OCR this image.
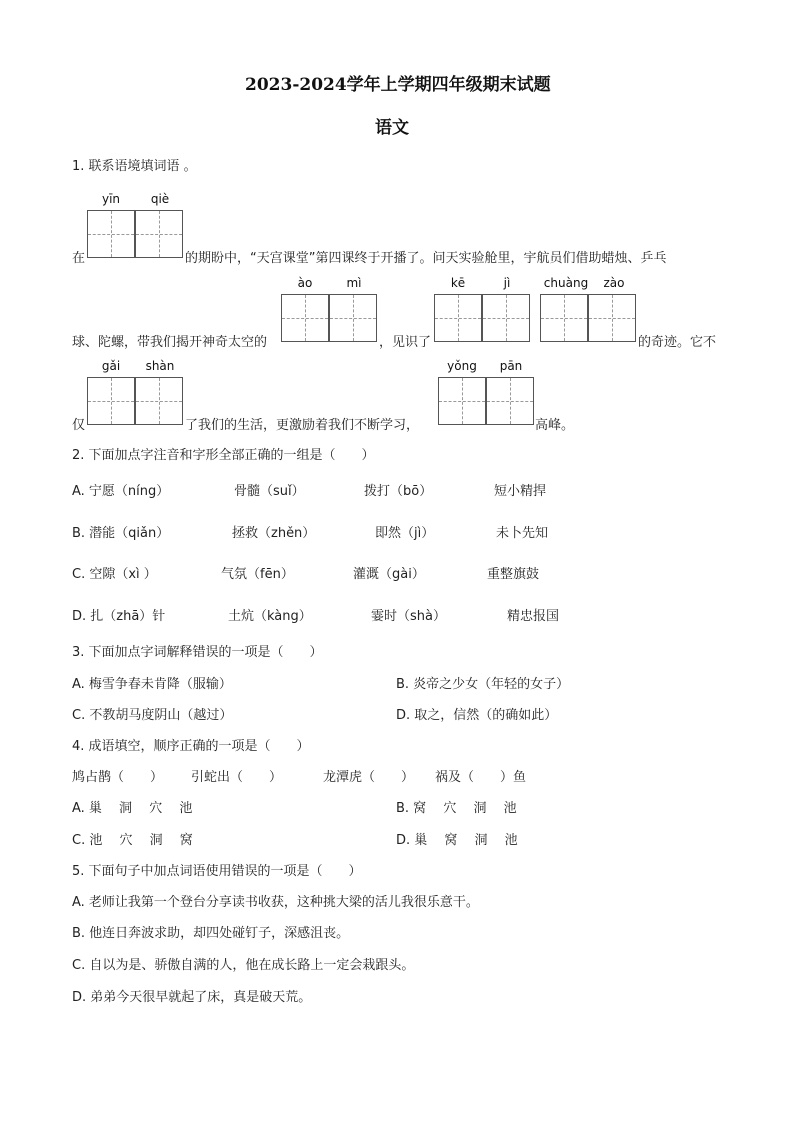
2023-2024学年上学期四年级期末试题
语文
1. 联系语境填词语 。
yīn	qiè
在	的期盼中，“天宫课堂”第四课终于开播了。问天实验舱里，宇航员们借助蜡烛、乒乓
ào	mì	kē	jì	chuàng	zào
球、陀螺，带我们揭开神奇太空的	，见识了	的奇迹。它不
gǎi	shàn	yǒng	pān
仅	了我们的生活，更激励着我们不断学习，	高峰。
2. 下面加点字注音和字形全部正确的一组是（　　）
A. 宁愿（níng）	骨髓（suǐ）	拨打（bō）	短小精捍
B. 潜能（qiǎn）	拯救（zhěn）	即然（jì）	未卜先知
C. 空隙（xì ）	气氛（fēn）	灌溉（gài）	重整旗鼓
D. 扎（zhā）针	土炕（kàng）	霎时（shà）	精忠报国
3. 下面加点字词解释错误的一项是（　　）
A. 梅雪争春未肯降（服输）	B. 炎帝之少女（年轻的女子）
C. 不教胡马度阴山（越过）	D. 取之，信然（的确如此）
4. 成语填空，顺序正确的一项是（　　）
鸠占鹊（　　） 引蛇出（　　）	龙潭虎（　　） 祸及（　　）鱼
A. 巢　 洞　 穴　 池	B. 窝　 穴　 洞　 池
C. 池　 穴　 洞　 窝	D. 巢　 窝　 洞　 池
5. 下面句子中加点词语使用错误的一项是（　　）
A. 老师让我第一个登台分享读书收获，这种挑大梁的活儿我很乐意干。
B. 他连日奔波求助，却四处碰钉子，深感沮丧。
C. 自以为是、骄傲自满的人，他在成长路上一定会栽跟头。
D. 弟弟今天很早就起了床，真是破天荒。
